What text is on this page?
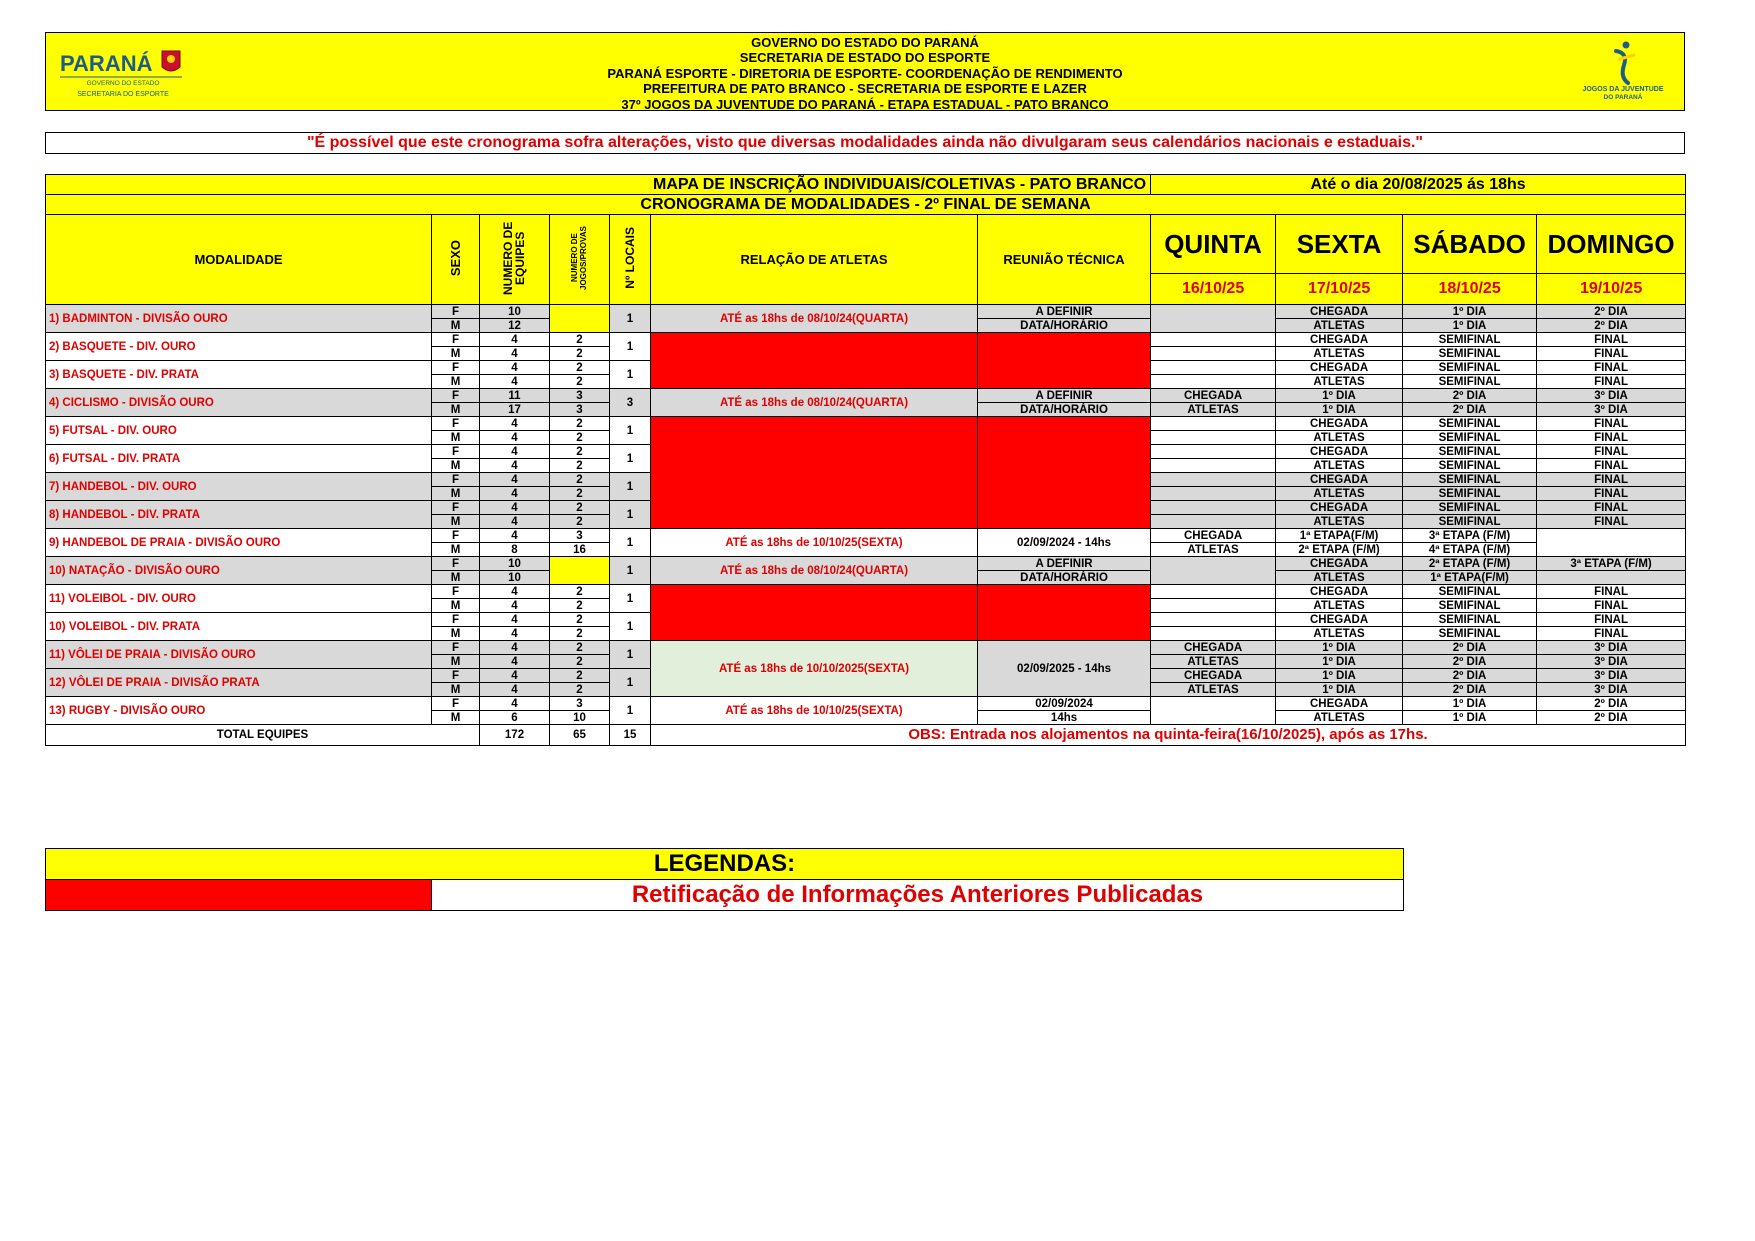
PARANÁ
GOVERNO DO ESTADO
SECRETARIA DO ESPORTE
GOVERNO DO ESTADO DO PARANÁ
SECRETARIA DE ESTADO DO ESPORTE
PARANÁ ESPORTE - DIRETORIA DE ESPORTE- COORDENAÇÃO DE RENDIMENTO
PREFEITURA DE PATO BRANCO - SECRETARIA DE ESPORTE E LAZER
37º JOGOS DA JUVENTUDE DO PARANÁ - ETAPA ESTADUAL - PATO BRANCO
JOGOS DA JUVENTUDE
DO PARANÁ
"É possível que este cronograma sofra alterações, visto que diversas modalidades ainda não divulgaram seus calendários nacionais e estaduais."
MAPA DE INSCRIÇÃO INDIVIDUAIS/COLETIVAS - PATO BRANCO							Até o dia 20/08/2025 ás 18hs			
CRONOGRAMA DE MODALIDADES - 2º FINAL DE SEMANA										
MODALIDADE	SEXO	NUMERO DE EQUIPES	NUMERO DE JOGOS/PROVAS	Nº LOCAIS	RELAÇÃO DE ATLETAS	REUNIÃO TÉCNICA	QUINTA	SEXTA	SÁBADO	DOMINGO
							16/10/25	17/10/25	18/10/25	19/10/25
1) BADMINTON - DIVISÃO OURO	F	10		1	ATÉ as 18hs de 08/10/24(QUARTA)	A DEFINIR		CHEGADA	1º DIA	2º DIA
	M	12				DATA/HORÁRIO		ATLETAS	1º DIA	2º DIA
2) BASQUETE - DIV. OURO	F	4	2	1				CHEGADA	SEMIFINAL	FINAL
	M	4	2					ATLETAS	SEMIFINAL	FINAL
3) BASQUETE - DIV. PRATA	F	4	2	1				CHEGADA	SEMIFINAL	FINAL
	M	4	2					ATLETAS	SEMIFINAL	FINAL
4) CICLISMO - DIVISÃO OURO	F	11	3	3	ATÉ as 18hs de 08/10/24(QUARTA)	A DEFINIR	CHEGADA	1º DIA	2º DIA	3º DIA
	M	17	3			DATA/HORÁRIO	ATLETAS	1º DIA	2º DIA	3º DIA
5) FUTSAL - DIV. OURO	F	4	2	1				CHEGADA	SEMIFINAL	FINAL
	M	4	2					ATLETAS	SEMIFINAL	FINAL
6) FUTSAL - DIV. PRATA	F	4	2	1				CHEGADA	SEMIFINAL	FINAL
	M	4	2					ATLETAS	SEMIFINAL	FINAL
7) HANDEBOL - DIV. OURO	F	4	2	1				CHEGADA	SEMIFINAL	FINAL
	M	4	2					ATLETAS	SEMIFINAL	FINAL
8) HANDEBOL - DIV. PRATA	F	4	2	1				CHEGADA	SEMIFINAL	FINAL
	M	4	2					ATLETAS	SEMIFINAL	FINAL
9) HANDEBOL DE PRAIA - DIVISÃO OURO	F	4	3	1	ATÉ as 18hs de 10/10/25(SEXTA)	02/09/2024 - 14hs	CHEGADA	1ª ETAPA(F/M)	3ª ETAPA (F/M)	
	M	8	16				ATLETAS	2ª ETAPA (F/M)	4ª ETAPA (F/M)	
10) NATAÇÃO - DIVISÃO OURO	F	10		1	ATÉ as 18hs de 08/10/24(QUARTA)	A DEFINIR		CHEGADA	2ª ETAPA (F/M)	3ª ETAPA (F/M)
	M	10				DATA/HORÁRIO		ATLETAS	1ª ETAPA(F/M)	
11) VOLEIBOL - DIV. OURO	F	4	2	1				CHEGADA	SEMIFINAL	FINAL
	M	4	2					ATLETAS	SEMIFINAL	FINAL
10) VOLEIBOL - DIV. PRATA	F	4	2	1				CHEGADA	SEMIFINAL	FINAL
	M	4	2					ATLETAS	SEMIFINAL	FINAL
11) VÔLEI DE PRAIA - DIVISÃO OURO	F	4	2	1	ATÉ as 18hs de 10/10/2025(SEXTA)	02/09/2025 - 14hs	CHEGADA	1º DIA	2º DIA	3º DIA
	M	4	2				ATLETAS	1º DIA	2º DIA	3º DIA
12) VÔLEI DE PRAIA - DIVISÃO PRATA	F	4	2	1			CHEGADA	1º DIA	2º DIA	3º DIA
	M	4	2				ATLETAS	1º DIA	2º DIA	3º DIA
13) RUGBY - DIVISÃO OURO	F	4	3	1	ATÉ as 18hs de 10/10/25(SEXTA)	02/09/2024		CHEGADA	1º DIA	2º DIA
	M	6	10			14hs		ATLETAS	1º DIA	2º DIA
TOTAL EQUIPES		172	65	15	OBS: Entrada nos alojamentos na quinta-feira(16/10/2025), após as 17hs.					
LEGENDAS:
	Retificação de Informações Anteriores Publicadas
